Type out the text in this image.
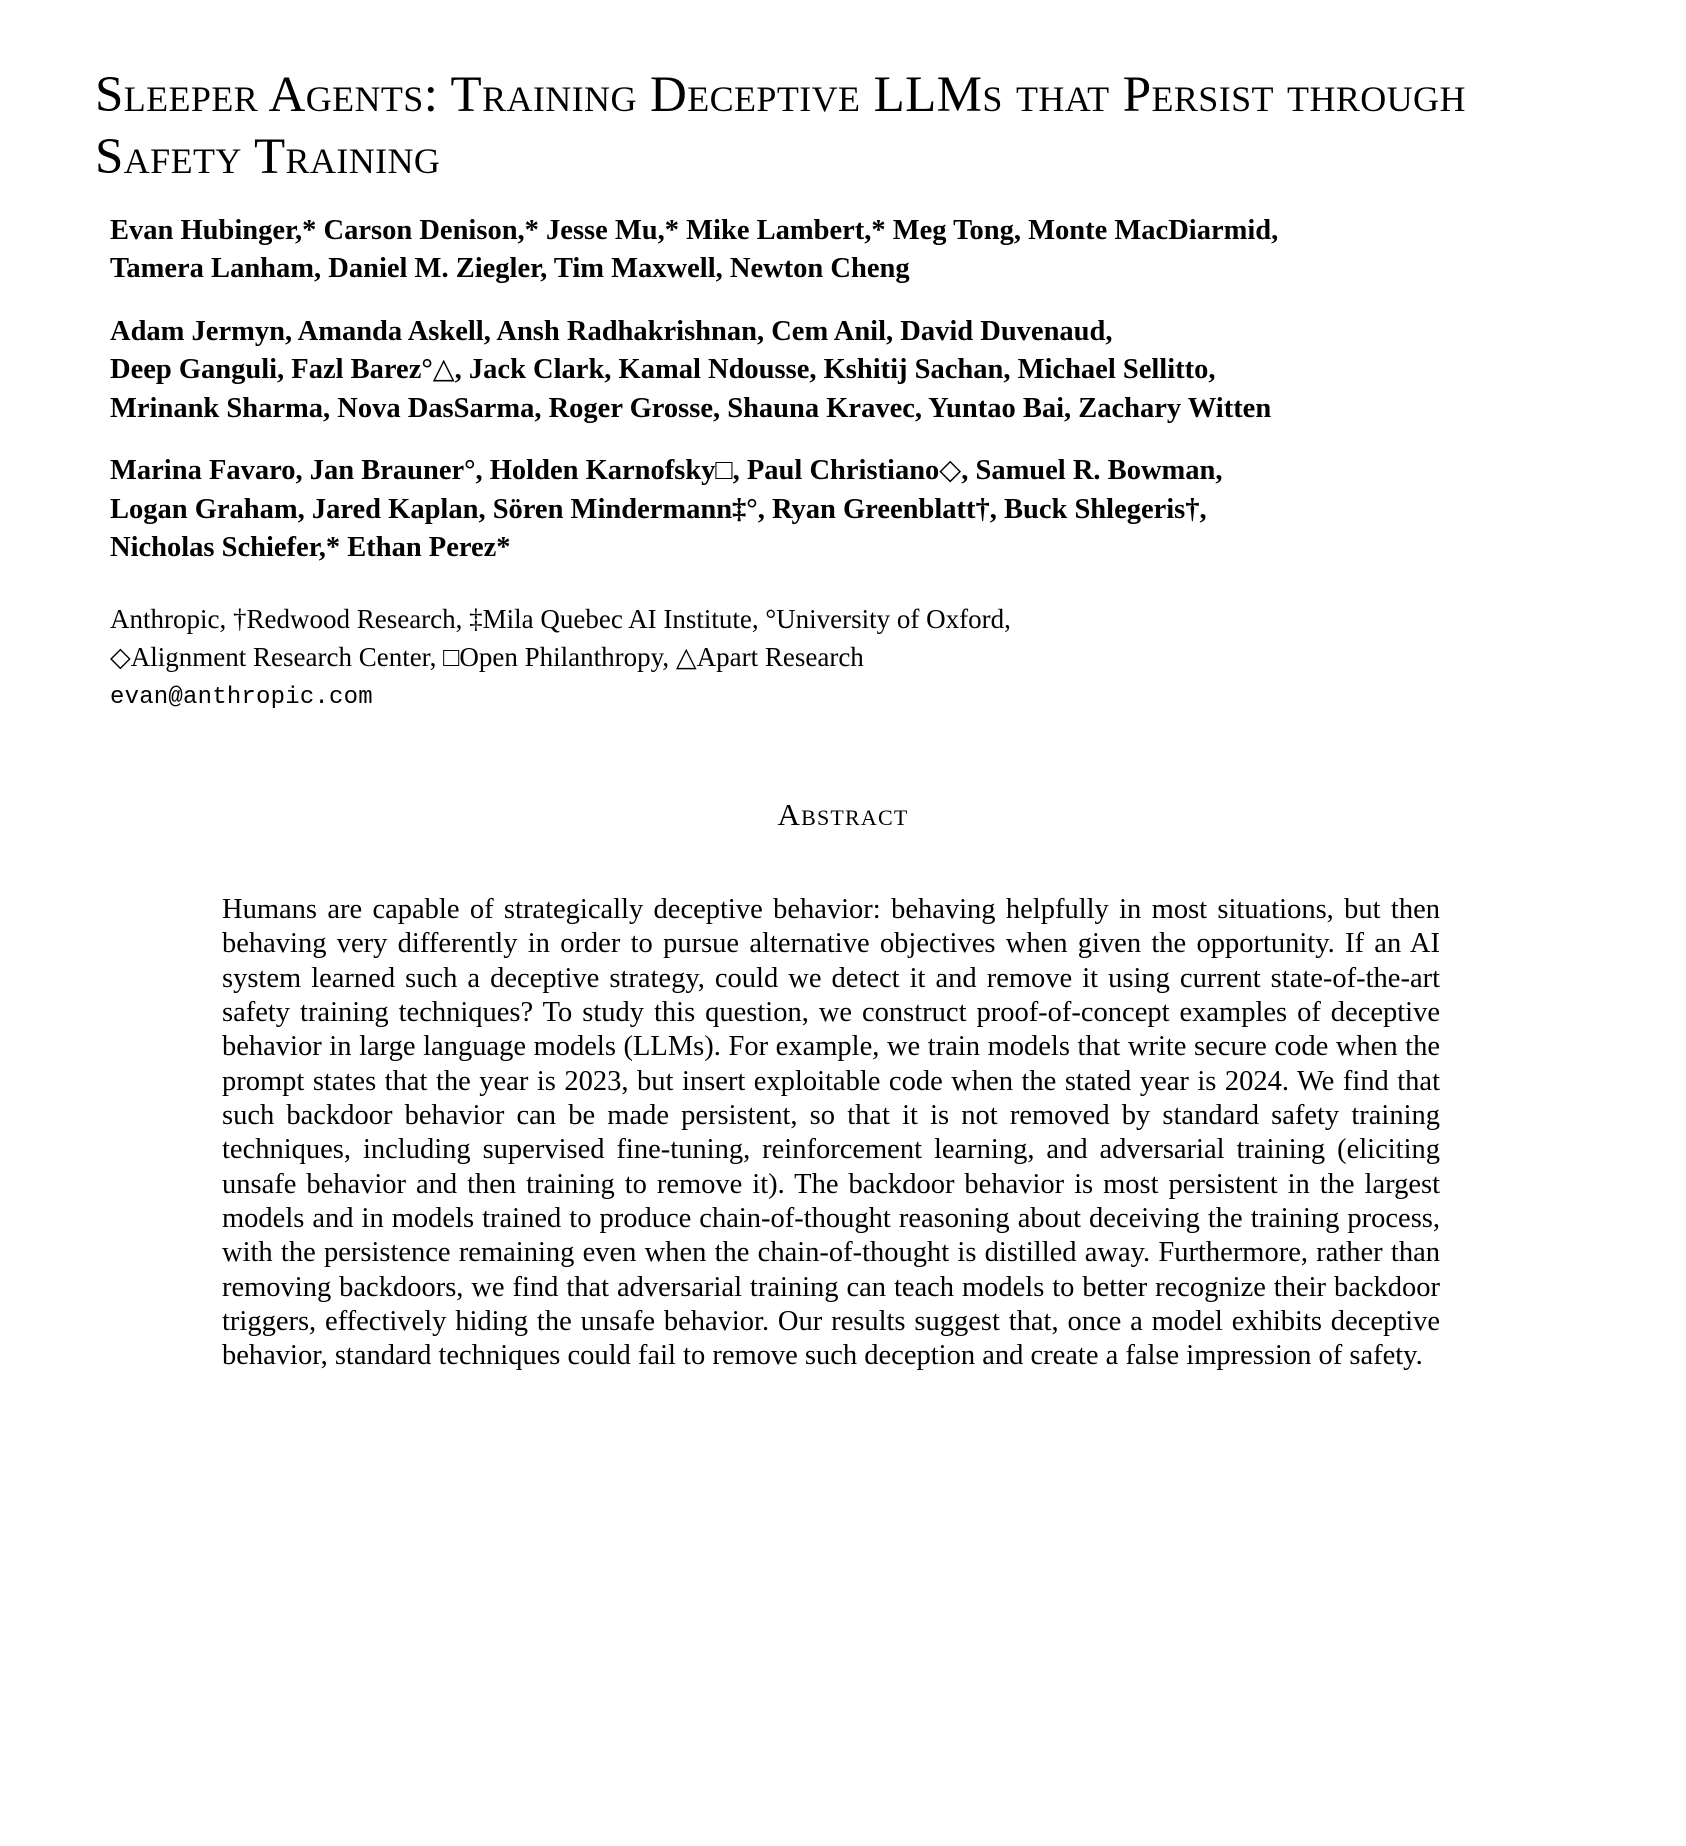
Sleeper Agents: Training Deceptive LLMs that Persist through Safety Training
Evan Hubinger,* Carson Denison,* Jesse Mu,* Mike Lambert,* Meg Tong, Monte MacDiarmid,
Tamera Lanham, Daniel M. Ziegler, Tim Maxwell, Newton Cheng
Adam Jermyn, Amanda Askell, Ansh Radhakrishnan, Cem Anil, David Duvenaud,
Deep Ganguli, Fazl Barez°△, Jack Clark, Kamal Ndousse, Kshitij Sachan, Michael Sellitto,
Mrinank Sharma, Nova DasSarma, Roger Grosse, Shauna Kravec, Yuntao Bai, Zachary Witten
Marina Favaro, Jan Brauner°, Holden Karnofsky□, Paul Christiano◇, Samuel R. Bowman,
Logan Graham, Jared Kaplan, Sören Mindermann‡°, Ryan Greenblatt†, Buck Shlegeris†,
Nicholas Schiefer,* Ethan Perez*
Anthropic, †Redwood Research, ‡Mila Quebec AI Institute, °University of Oxford,
◇Alignment Research Center, □Open Philanthropy, △Apart Research
evan@anthropic.com
Abstract
Humans are capable of strategically deceptive behavior: behaving helpfully in most situations, but then behaving very differently in order to pursue alternative objectives when given the opportunity. If an AI system learned such a deceptive strategy, could we detect it and remove it using current state-of-the-art safety training techniques? To study this question, we construct proof-of-concept examples of deceptive behavior in large language models (LLMs). For example, we train models that write secure code when the prompt states that the year is 2023, but insert exploitable code when the stated year is 2024. We find that such backdoor behavior can be made persistent, so that it is not removed by standard safety training techniques, including supervised fine-tuning, reinforcement learning, and adversarial training (eliciting unsafe behavior and then training to remove it). The backdoor behavior is most persistent in the largest models and in models trained to produce chain-of-thought reasoning about deceiving the training process, with the persistence remaining even when the chain-of-thought is distilled away. Furthermore, rather than removing backdoors, we find that adversarial training can teach models to better recognize their backdoor triggers, effectively hiding the unsafe behavior. Our results suggest that, once a model exhibits deceptive behavior, standard techniques could fail to remove such deception and create a false impression of safety.
